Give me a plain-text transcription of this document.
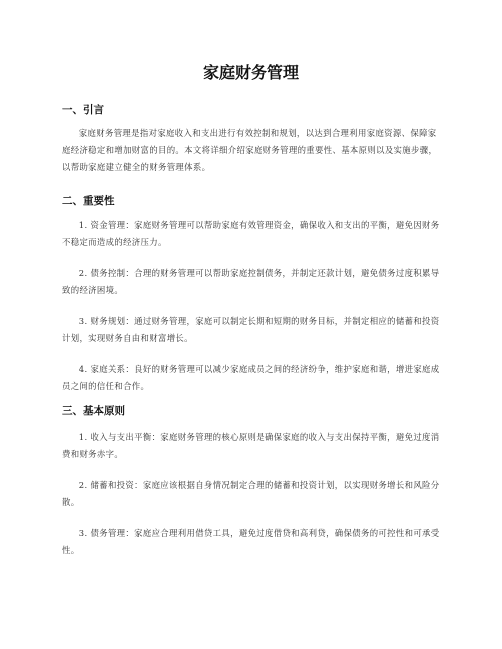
家庭财务管理
一、引言

家庭财务管理是指对家庭收入和支出进行有效控制和规划，以达到合理利用家庭资源、保障家庭经济稳定和增加财富的目的。本文将详细介绍家庭财务管理的重要性、基本原则以及实施步骤，以帮助家庭建立健全的财务管理体系。

二、重要性

1. 资金管理：家庭财务管理可以帮助家庭有效管理资金，确保收入和支出的平衡，避免因财务不稳定而造成的经济压力。

2. 债务控制：合理的财务管理可以帮助家庭控制债务，并制定还款计划，避免债务过度积累导致的经济困境。

3. 财务规划：通过财务管理，家庭可以制定长期和短期的财务目标，并制定相应的储蓄和投资计划，实现财务自由和财富增长。

4. 家庭关系：良好的财务管理可以减少家庭成员之间的经济纷争，维护家庭和谐，增进家庭成员之间的信任和合作。

三、基本原则

1. 收入与支出平衡：家庭财务管理的核心原则是确保家庭的收入与支出保持平衡，避免过度消费和财务赤字。

2. 储蓄和投资：家庭应该根据自身情况制定合理的储蓄和投资计划，以实现财务增长和风险分散。

3. 债务管理：家庭应合理利用借贷工具，避免过度借贷和高利贷，确保债务的可控性和可承受性。
